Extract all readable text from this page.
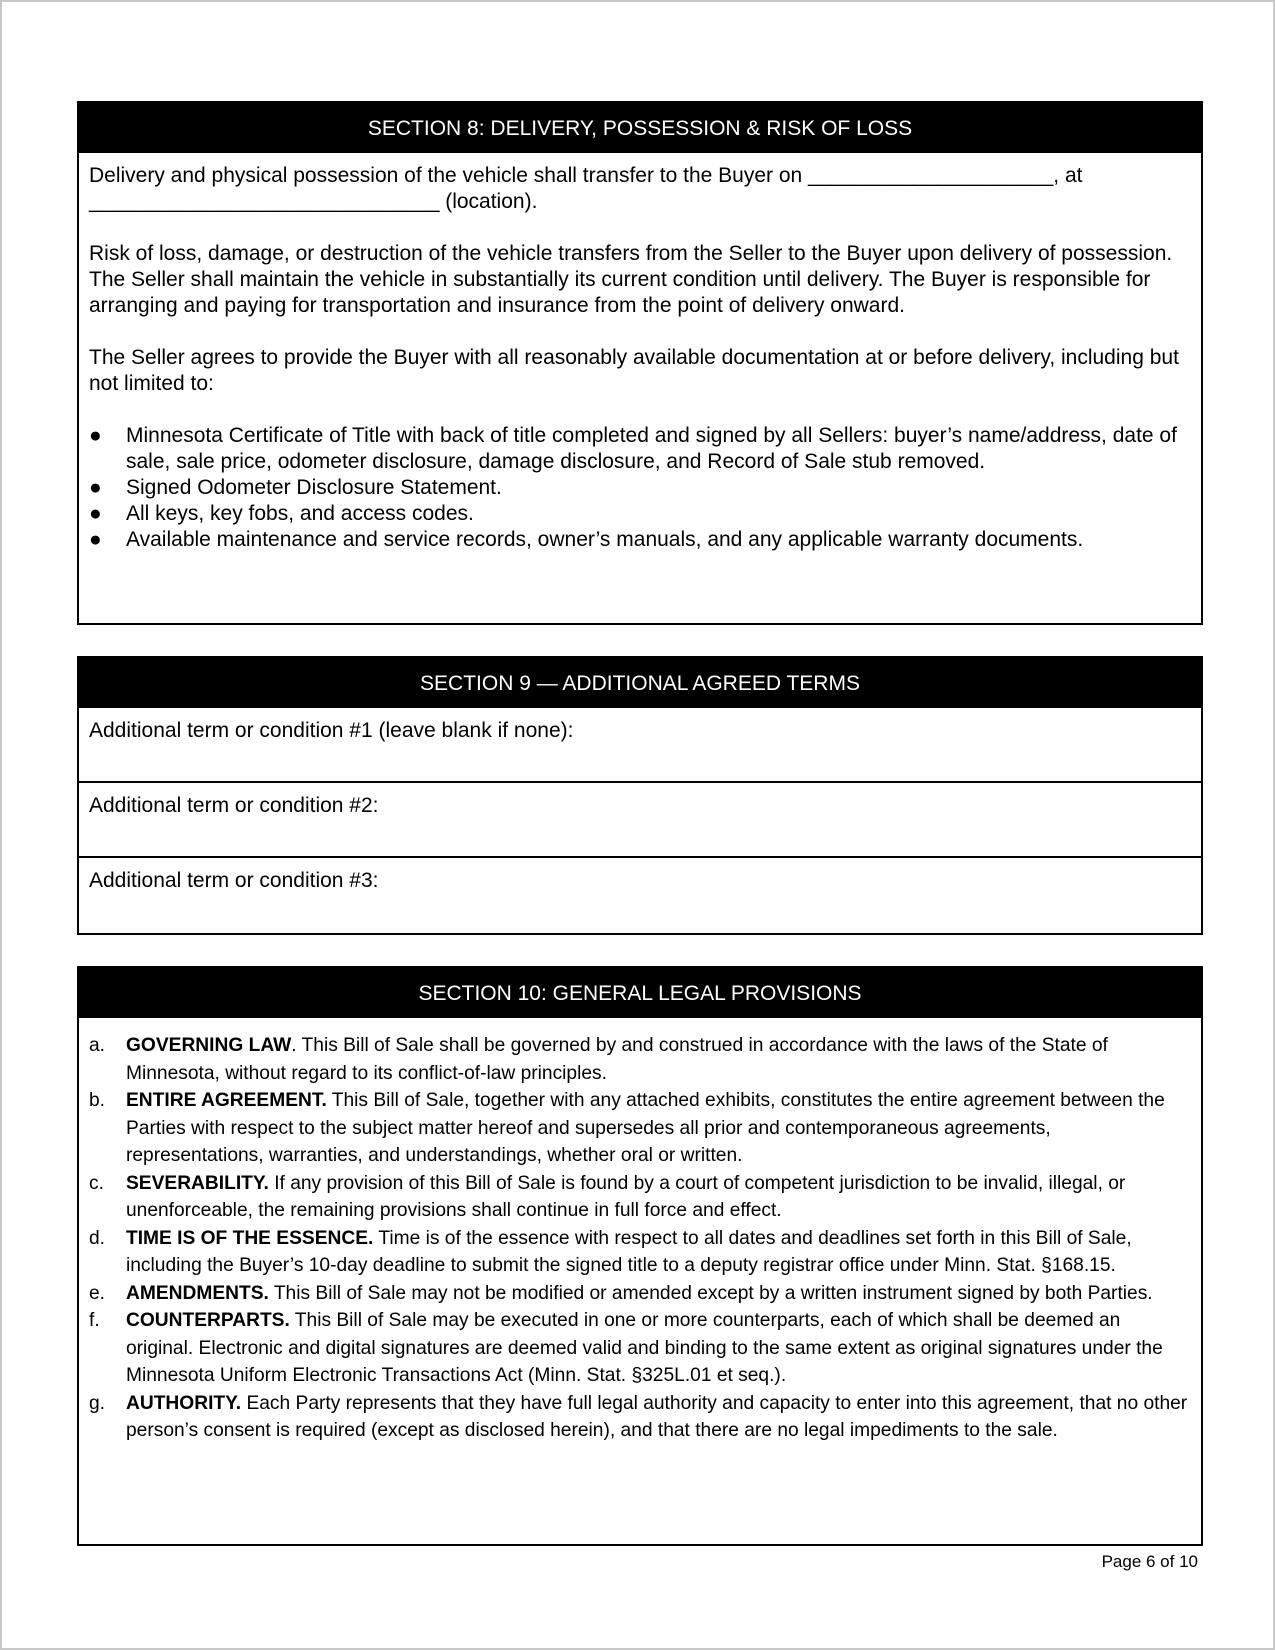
SECTION 8: DELIVERY, POSSESSION & RISK OF LOSS

Delivery and physical possession of the vehicle shall transfer to the Buyer on _____________________, at
______________________________ (location).

Risk of loss, damage, or destruction of the vehicle transfers from the Seller to the Buyer upon delivery of possession. The Seller shall maintain the vehicle in substantially its current condition until delivery. The Buyer is responsible for arranging and paying for transportation and insurance from the point of delivery onward.

The Seller agrees to provide the Buyer with all reasonably available documentation at or before delivery, including but not limited to:

● Minnesota Certificate of Title with back of title completed and signed by all Sellers: buyer’s name/address, date of sale, sale price, odometer disclosure, damage disclosure, and Record of Sale stub removed.
● Signed Odometer Disclosure Statement.
● All keys, key fobs, and access codes.
● Available maintenance and service records, owner’s manuals, and any applicable warranty documents.
SECTION 9 — ADDITIONAL AGREED TERMS
Additional term or condition #1 (leave blank if none):
Additional term or condition #2:
Additional term or condition #3:
SECTION 10: GENERAL LEGAL PROVISIONS
a. GOVERNING LAW. This Bill of Sale shall be governed by and construed in accordance with the laws of the State of Minnesota, without regard to its conflict-of-law principles.
b. ENTIRE AGREEMENT. This Bill of Sale, together with any attached exhibits, constitutes the entire agreement between the Parties with respect to the subject matter hereof and supersedes all prior and contemporaneous agreements, representations, warranties, and understandings, whether oral or written.
c. SEVERABILITY. If any provision of this Bill of Sale is found by a court of competent jurisdiction to be invalid, illegal, or unenforceable, the remaining provisions shall continue in full force and effect.
d. TIME IS OF THE ESSENCE. Time is of the essence with respect to all dates and deadlines set forth in this Bill of Sale, including the Buyer’s 10-day deadline to submit the signed title to a deputy registrar office under Minn. Stat. §168.15.
e. AMENDMENTS. This Bill of Sale may not be modified or amended except by a written instrument signed by both Parties.
f. COUNTERPARTS. This Bill of Sale may be executed in one or more counterparts, each of which shall be deemed an original. Electronic and digital signatures are deemed valid and binding to the same extent as original signatures under the Minnesota Uniform Electronic Transactions Act (Minn. Stat. §325L.01 et seq.).
g. AUTHORITY. Each Party represents that they have full legal authority and capacity to enter into this agreement, that no other person’s consent is required (except as disclosed herein), and that there are no legal impediments to the sale.
Page 6 of 10
